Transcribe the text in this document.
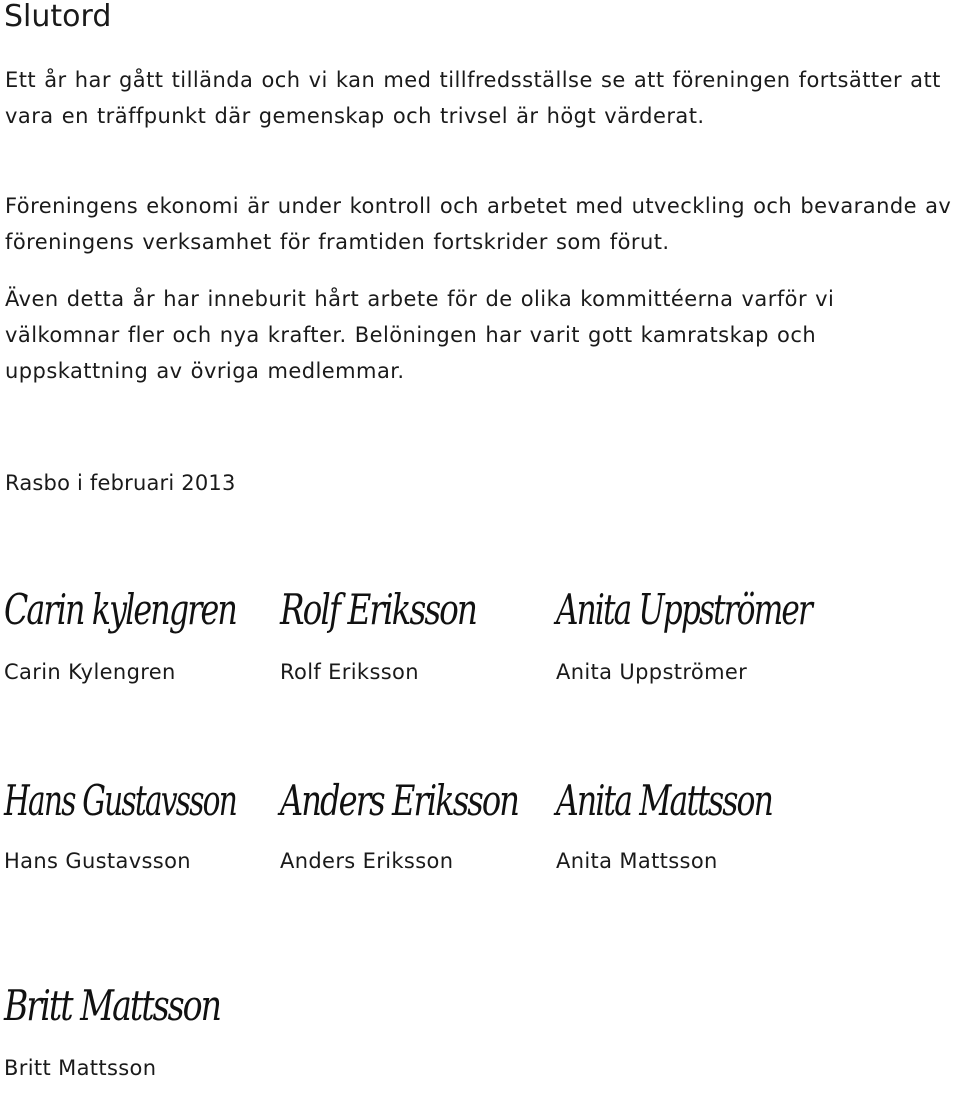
Slutord

Ett år har gått tillända och vi kan med tillfredsställse se att föreningen fortsätter att vara en träffpunkt där gemenskap och trivsel är högt värderat.

Föreningens ekonomi är under kontroll och arbetet med utveckling och bevarande av föreningens verksamhet för framtiden fortskrider som förut.

Även detta år har inneburit hårt arbete för de olika kommittéerna varför vi välkomnar fler och nya krafter. Belöningen har varit gott kamratskap och uppskattning av övriga medlemmar.

Rasbo i februari 2013

Carin kylengren
Carin Kylengren
Rolf Eriksson
Rolf Eriksson
Anita Uppströmer
Anita Uppströmer
Hans Gustavsson
Hans Gustavsson
Anders Eriksson
Anders Eriksson
Anita Mattsson
Anita Mattsson
Britt Mattsson
Britt Mattsson
